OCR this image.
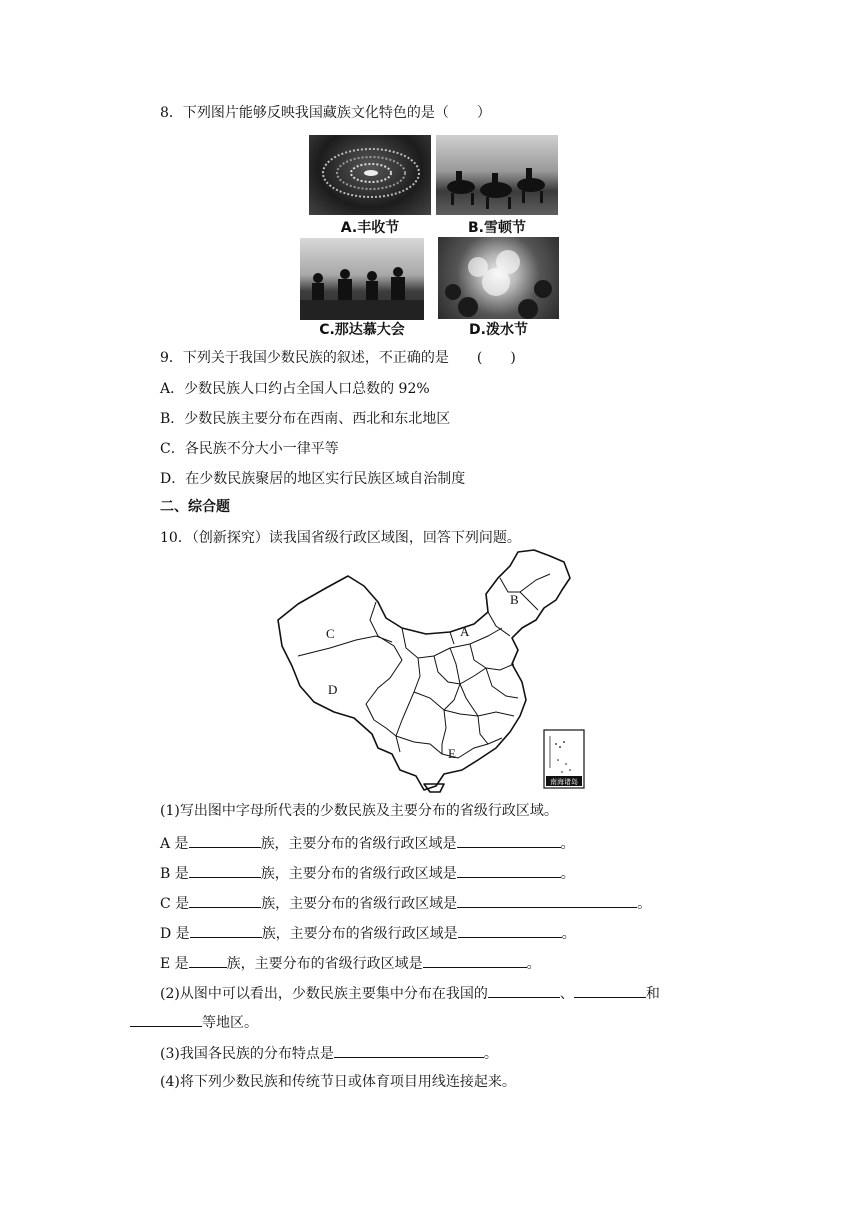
8．下列图片能够反映我国藏族文化特色的是（　　）
A.丰收节	B.雪顿节
C.那达慕大会	D.泼水节
9．下列关于我国少数民族的叙述，不正确的是　　(　　)
A．少数民族人口约占全国人口总数的 92%
B．少数民族主要分布在西南、西北和东北地区
C．各民族不分大小一律平等
D．在少数民族聚居的地区实行民族区域自治制度
二、综合题
10．（创新探究）读我国省级行政区域图，回答下列问题。
C	A
B
D
E
南海诸岛
(1)写出图中字母所代表的少数民族及主要分布的省级行政区域。
A 是	族，主要分布的省级行政区域是	。
B 是	族，主要分布的省级行政区域是	。
C 是	族，主要分布的省级行政区域是	。
D 是	族，主要分布的省级行政区域是	。
E 是	族，主要分布的省级行政区域是	。
(2)从图中可以看出，少数民族主要集中分布在我国的	、	和
等地区。
(3)我国各民族的分布特点是	。
(4)将下列少数民族和传统节日或体育项目用线连接起来。
